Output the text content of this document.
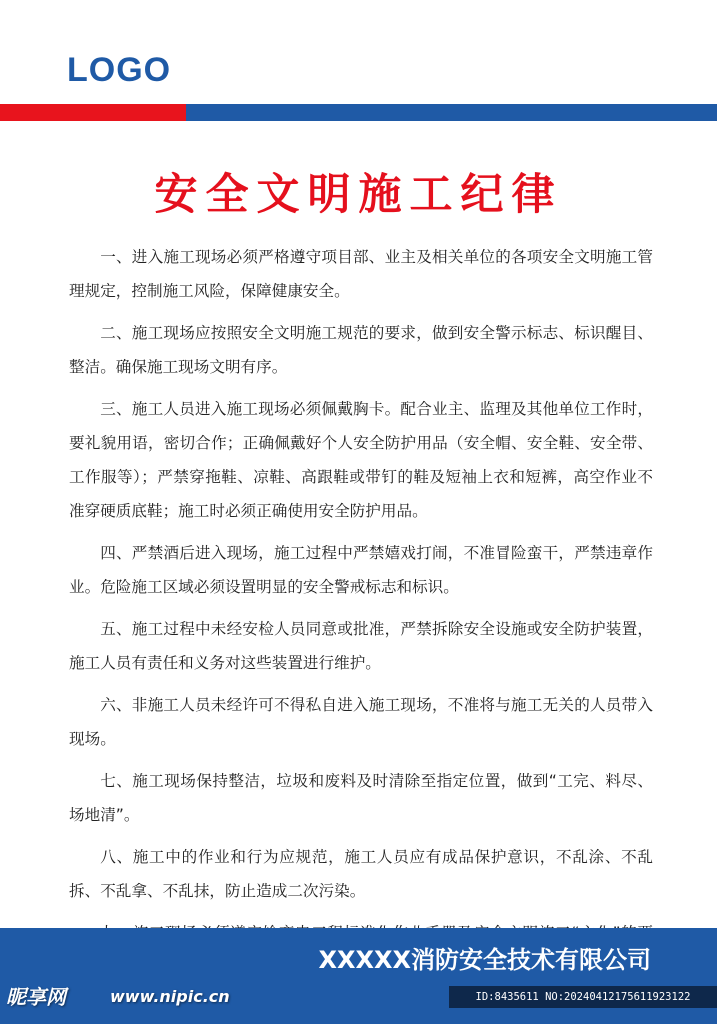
LOGO
安全文明施工纪律

一、进入施工现场必须严格遵守项目部、业主及相关单位的各项安全文明施工管理规定，控制施工风险，保障健康安全。

二、施工现场应按照安全文明施工规范的要求，做到安全警示标志、标识醒目、整洁。确保施工现场文明有序。

三、施工人员进入施工现场必须佩戴胸卡。配合业主、监理及其他单位工作时，要礼貌用语，密切合作；正确佩戴好个人安全防护用品（安全帽、安全鞋、安全带、工作服等）；严禁穿拖鞋、凉鞋、高跟鞋或带钉的鞋及短袖上衣和短裤，高空作业不准穿硬质底鞋；施工时必须正确使用安全防护用品。

四、严禁酒后进入现场，施工过程中严禁嬉戏打闹，不准冒险蛮干，严禁违章作业。危险施工区域必须设置明显的安全警戒标志和标识。

五、施工过程中未经安检人员同意或批准，严禁拆除安全设施或安全防护装置，施工人员有责任和义务对这些装置进行维护。

六、非施工人员未经许可不得私自进入施工现场，不准将与施工无关的人员带入现场。

七、施工现场保持整洁，垃圾和废料及时清除至指定位置，做到“工完、料尽、场地清”。

八、施工中的作业和行为应规范，施工人员应有成品保护意识，不乱涂、不乱拆、不乱拿、不乱抹，防止造成二次污染。

XXXXX消防安全技术有限公司
昵享网	www.nipic.cn	ID:8435611 NO:20240412175611923122
